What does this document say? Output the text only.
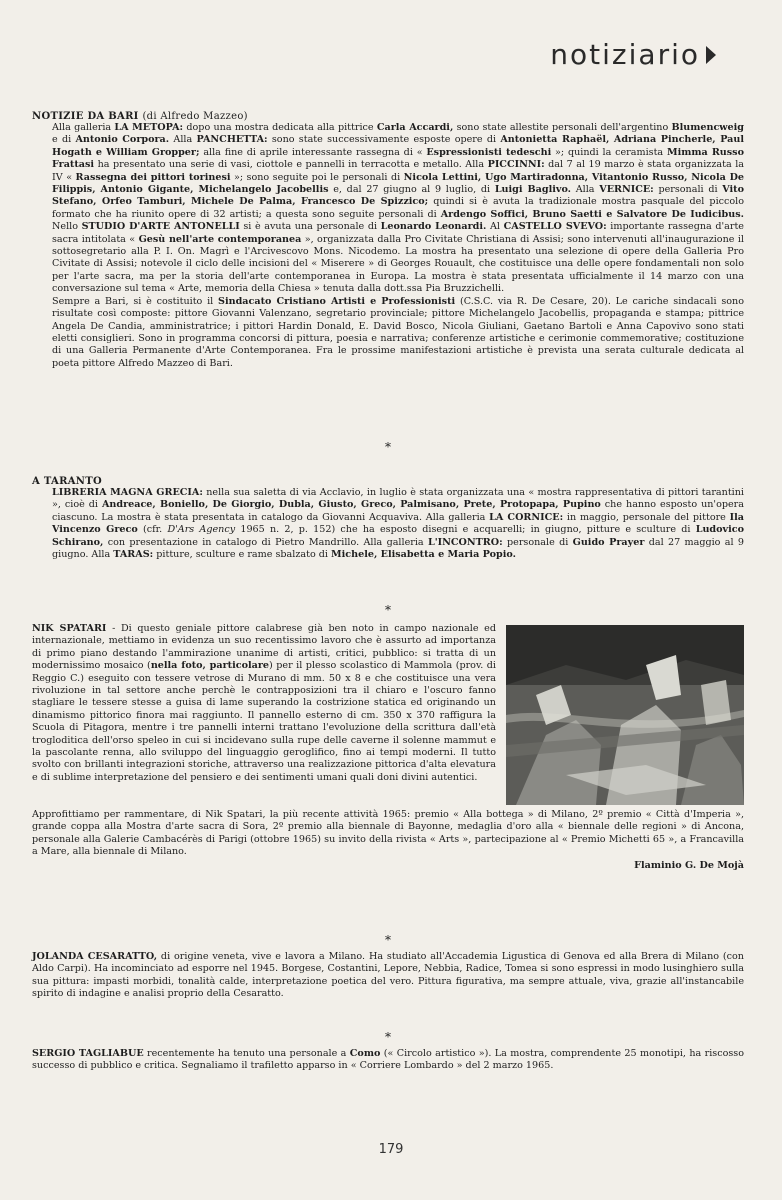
notiziario
NOTIZIE DA BARI (di Alfredo Mazzeo)

Alla galleria LA METOPA: dopo una mostra dedicata alla pittrice Carla Accardi, sono state allestite personali dell'argentino Blumencweig e di Antonio Corpora. Alla PANCHETTA: sono state successivamente esposte opere di Antonietta Raphaël, Adriana Pincherle, Paul Hogath e William Gropper; alla fine di aprile interessante rassegna di « Espressionisti tedeschi »; quindi la ceramista Mimma Russo Frattasi ha presentato una serie di vasi, ciottole e pannelli in terracotta e metallo. Alla PICCINNI: dal 7 al 19 marzo è stata organizzata la IV « Rassegna dei pittori torinesi »; sono seguite poi le personali di Nicola Lettini, Ugo Martiradonna, Vitantonio Russo, Nicola De Filippis, Antonio Gigante, Michelangelo Jacobellis e, dal 27 giugno al 9 luglio, di Luigi Baglivo. Alla VERNICE: personali di Vito Stefano, Orfeo Tamburi, Michele De Palma, Francesco De Spizzico; quindi si è avuta la tradizionale mostra pasquale del piccolo formato che ha riunito opere di 32 artisti; a questa sono seguite personali di Ardengo Soffici, Bruno Saetti e Salvatore De Iudicibus. Nello STUDIO D'ARTE ANTONELLI si è avuta una personale di Leonardo Leonardi. Al CASTELLO SVEVO: importante rassegna d'arte sacra intitolata « Gesù nell'arte contemporanea », organizzata dalla Pro Civitate Christiana di Assisi; sono intervenuti all'inaugurazione il sottosegretario alla P. I. On. Magrì e l'Arcivescovo Mons. Nicodemo. La mostra ha presentato una selezione di opere della Galleria Pro Civitate di Assisi; notevole il ciclo delle incisioni del « Miserere » di Georges Rouault, che costituisce una delle opere fondamentali non solo per l'arte sacra, ma per la storia dell'arte contemporanea in Europa. La mostra è stata presentata ufficialmente il 14 marzo con una conversazione sul tema « Arte, memoria della Chiesa » tenuta dalla dott.ssa Pia Bruzzichelli.

Sempre a Bari, si è costituito il Sindacato Cristiano Artisti e Professionisti (C.S.C. via R. De Cesare, 20). Le cariche sindacali sono risultate così composte: pittore Giovanni Valenzano, segretario provinciale; pittore Michelangelo Jacobellis, propaganda e stampa; pittrice Angela De Candia, amministratrice; i pittori Hardin Donald, E. David Bosco, Nicola Giuliani, Gaetano Bartoli e Anna Capovivo sono stati eletti consiglieri. Sono in programma concorsi di pittura, poesia e narrativa; conferenze artistiche e cerimonie commemorative; costituzione di una Galleria Permanente d'Arte Contemporanea. Fra le prossime manifestazioni artistiche è prevista una serata culturale dedicata al poeta pittore Alfredo Mazzeo di Bari.

*
A TARANTO

LIBRERIA MAGNA GRECIA: nella sua saletta di via Acclavio, in luglio è stata organizzata una « mostra rappresentativa di pittori tarantini », cioè di Andreace, Boniello, De Giorgio, Dubla, Giusto, Greco, Palmisano, Prete, Protopapa, Pupino che hanno esposto un'opera ciascuno. La mostra è stata presentata in catalogo da Giovanni Acquaviva. Alla galleria LA CORNICE: in maggio, personale del pittore Ila Vincenzo Greco (cfr. D'Ars Agency 1965 n. 2, p. 152) che ha esposto disegni e acquarelli; in giugno, pitture e sculture di Ludovico Schirano, con presentazione in catalogo di Pietro Mandrillo. Alla galleria L'INCONTRO: personale di Guido Prayer dal 27 maggio al 9 giugno. Alla TARAS: pitture, sculture e rame sbalzato di Michele, Elisabetta e Maria Popio.

*

NIK SPATARI - Di questo geniale pittore calabrese già ben noto in campo nazionale ed internazionale, mettiamo in evidenza un suo recentissimo lavoro che è assurto ad importanza di primo piano destando l'ammirazione unanime di artisti, critici, pubblico: si tratta di un modernissimo mosaico (nella foto, particolare) per il plesso scolastico di Mammola (prov. di Reggio C.) eseguito con tessere vetrose di Murano di mm. 50 x 8 e che costituisce una vera rivoluzione in tal settore anche perchè le contrapposizioni tra il chiaro e l'oscuro fanno stagliare le tessere stesse a guisa di lame superando la costrizione statica ed originando un dinamismo pittorico finora mai raggiunto. Il pannello esterno di cm. 350 x 370 raffigura la Scuola di Pitagora, mentre i tre pannelli interni trattano l'evoluzione della scrittura dall'età trogloditica dell'orso speleo in cui si incidevano sulla rupe delle caverne il solenne mammut e la pascolante renna, allo sviluppo del linguaggio geroglifico, fino ai tempi moderni. Il tutto svolto con brillanti integrazioni storiche, attraverso una realizzazione pittorica d'alta elevatura e di sublime interpretazione del pensiero e dei sentimenti umani quali doni divini autentici.

Approfittiamo per rammentare, di Nik Spatari, la più recente attività 1965: premio « Alla bottega » di Milano, 2º premio « Città d'Imperia », grande coppa alla Mostra d'arte sacra di Sora, 2º premio alla biennale di Bayonne, medaglia d'oro alla « biennale delle regioni » di Ancona, personale alla Galerie Cambacérès di Parigi (ottobre 1965) su invito della rivista « Arts », partecipazione al « Premio Michetti 65 », a Francavilla a Mare, alla biennale di Milano.

Flaminio G. De Mojà
*

JOLANDA CESARATTO, di origine veneta, vive e lavora a Milano. Ha studiato all'Accademia Ligustica di Genova ed alla Brera di Milano (con Aldo Carpi). Ha incominciato ad esporre nel 1945. Borgese, Costantini, Lepore, Nebbia, Radice, Tomea si sono espressi in modo lusinghiero sulla sua pittura: impasti morbidi, tonalità calde, interpretazione poetica del vero. Pittura figurativa, ma sempre attuale, viva, grazie all'instancabile spirito di indagine e analisi proprio della Cesaratto.

*

SERGIO TAGLIABUE recentemente ha tenuto una personale a Como (« Circolo artistico »). La mostra, comprendente 25 monotipi, ha riscosso successo di pubblico e critica. Segnaliamo il trafiletto apparso in « Corriere Lombardo » del 2 marzo 1965.

179
